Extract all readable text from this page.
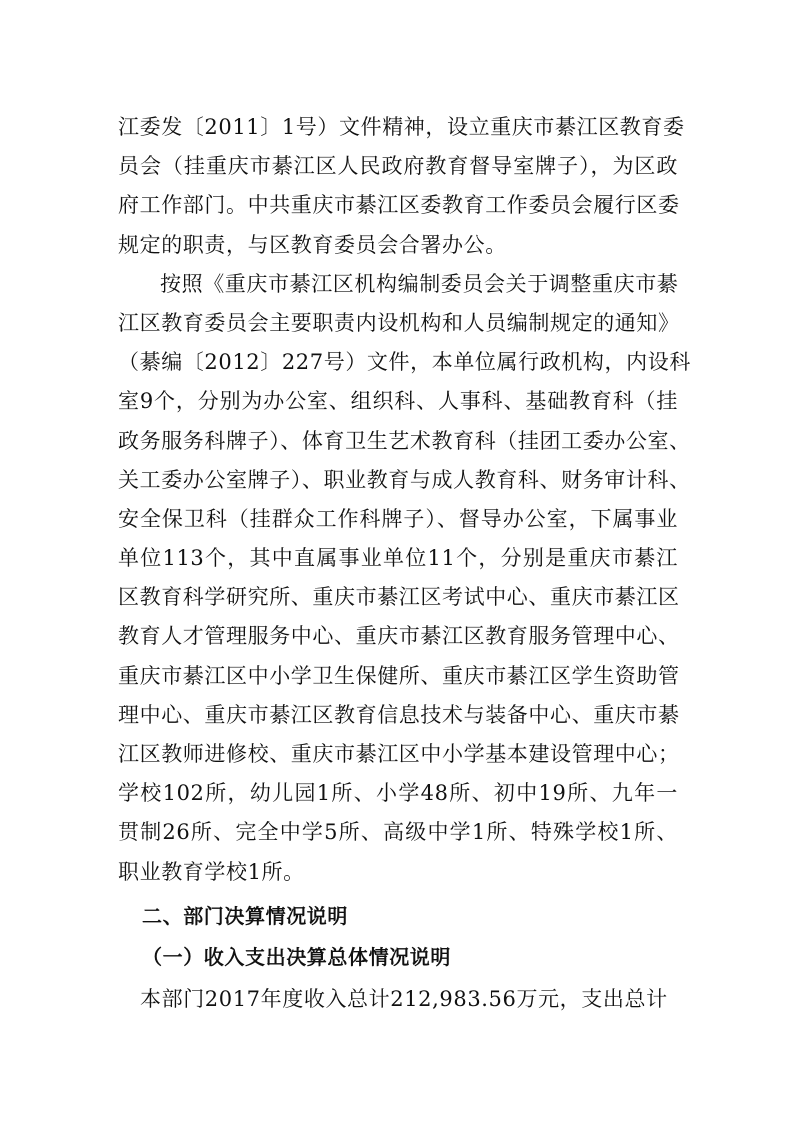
江委发〔2011〕1号）文件精神，设立重庆市綦江区教育委
员会（挂重庆市綦江区人民政府教育督导室牌子），为区政
府工作部门。中共重庆市綦江区委教育工作委员会履行区委
规定的职责，与区教育委员会合署办公。
按照《重庆市綦江区机构编制委员会关于调整重庆市綦
江区教育委员会主要职责内设机构和人员编制规定的通知》
（綦编〔2012〕227号）文件，本单位属行政机构，内设科
室9个，分别为办公室、组织科、人事科、基础教育科（挂
政务服务科牌子）、体育卫生艺术教育科（挂团工委办公室、
关工委办公室牌子）、职业教育与成人教育科、财务审计科、
安全保卫科（挂群众工作科牌子）、督导办公室，下属事业
单位113个，其中直属事业单位11个，分别是重庆市綦江
区教育科学研究所、重庆市綦江区考试中心、重庆市綦江区
教育人才管理服务中心、重庆市綦江区教育服务管理中心、
重庆市綦江区中小学卫生保健所、重庆市綦江区学生资助管
理中心、重庆市綦江区教育信息技术与装备中心、重庆市綦
江区教师进修校、重庆市綦江区中小学基本建设管理中心；
学校102所，幼儿园1所、小学48所、初中19所、九年一
贯制26所、完全中学5所、高级中学1所、特殊学校1所、
职业教育学校1所。
二、部门决算情况说明
（一）收入支出决算总体情况说明
本部门2017年度收入总计212,983.56万元，支出总计
